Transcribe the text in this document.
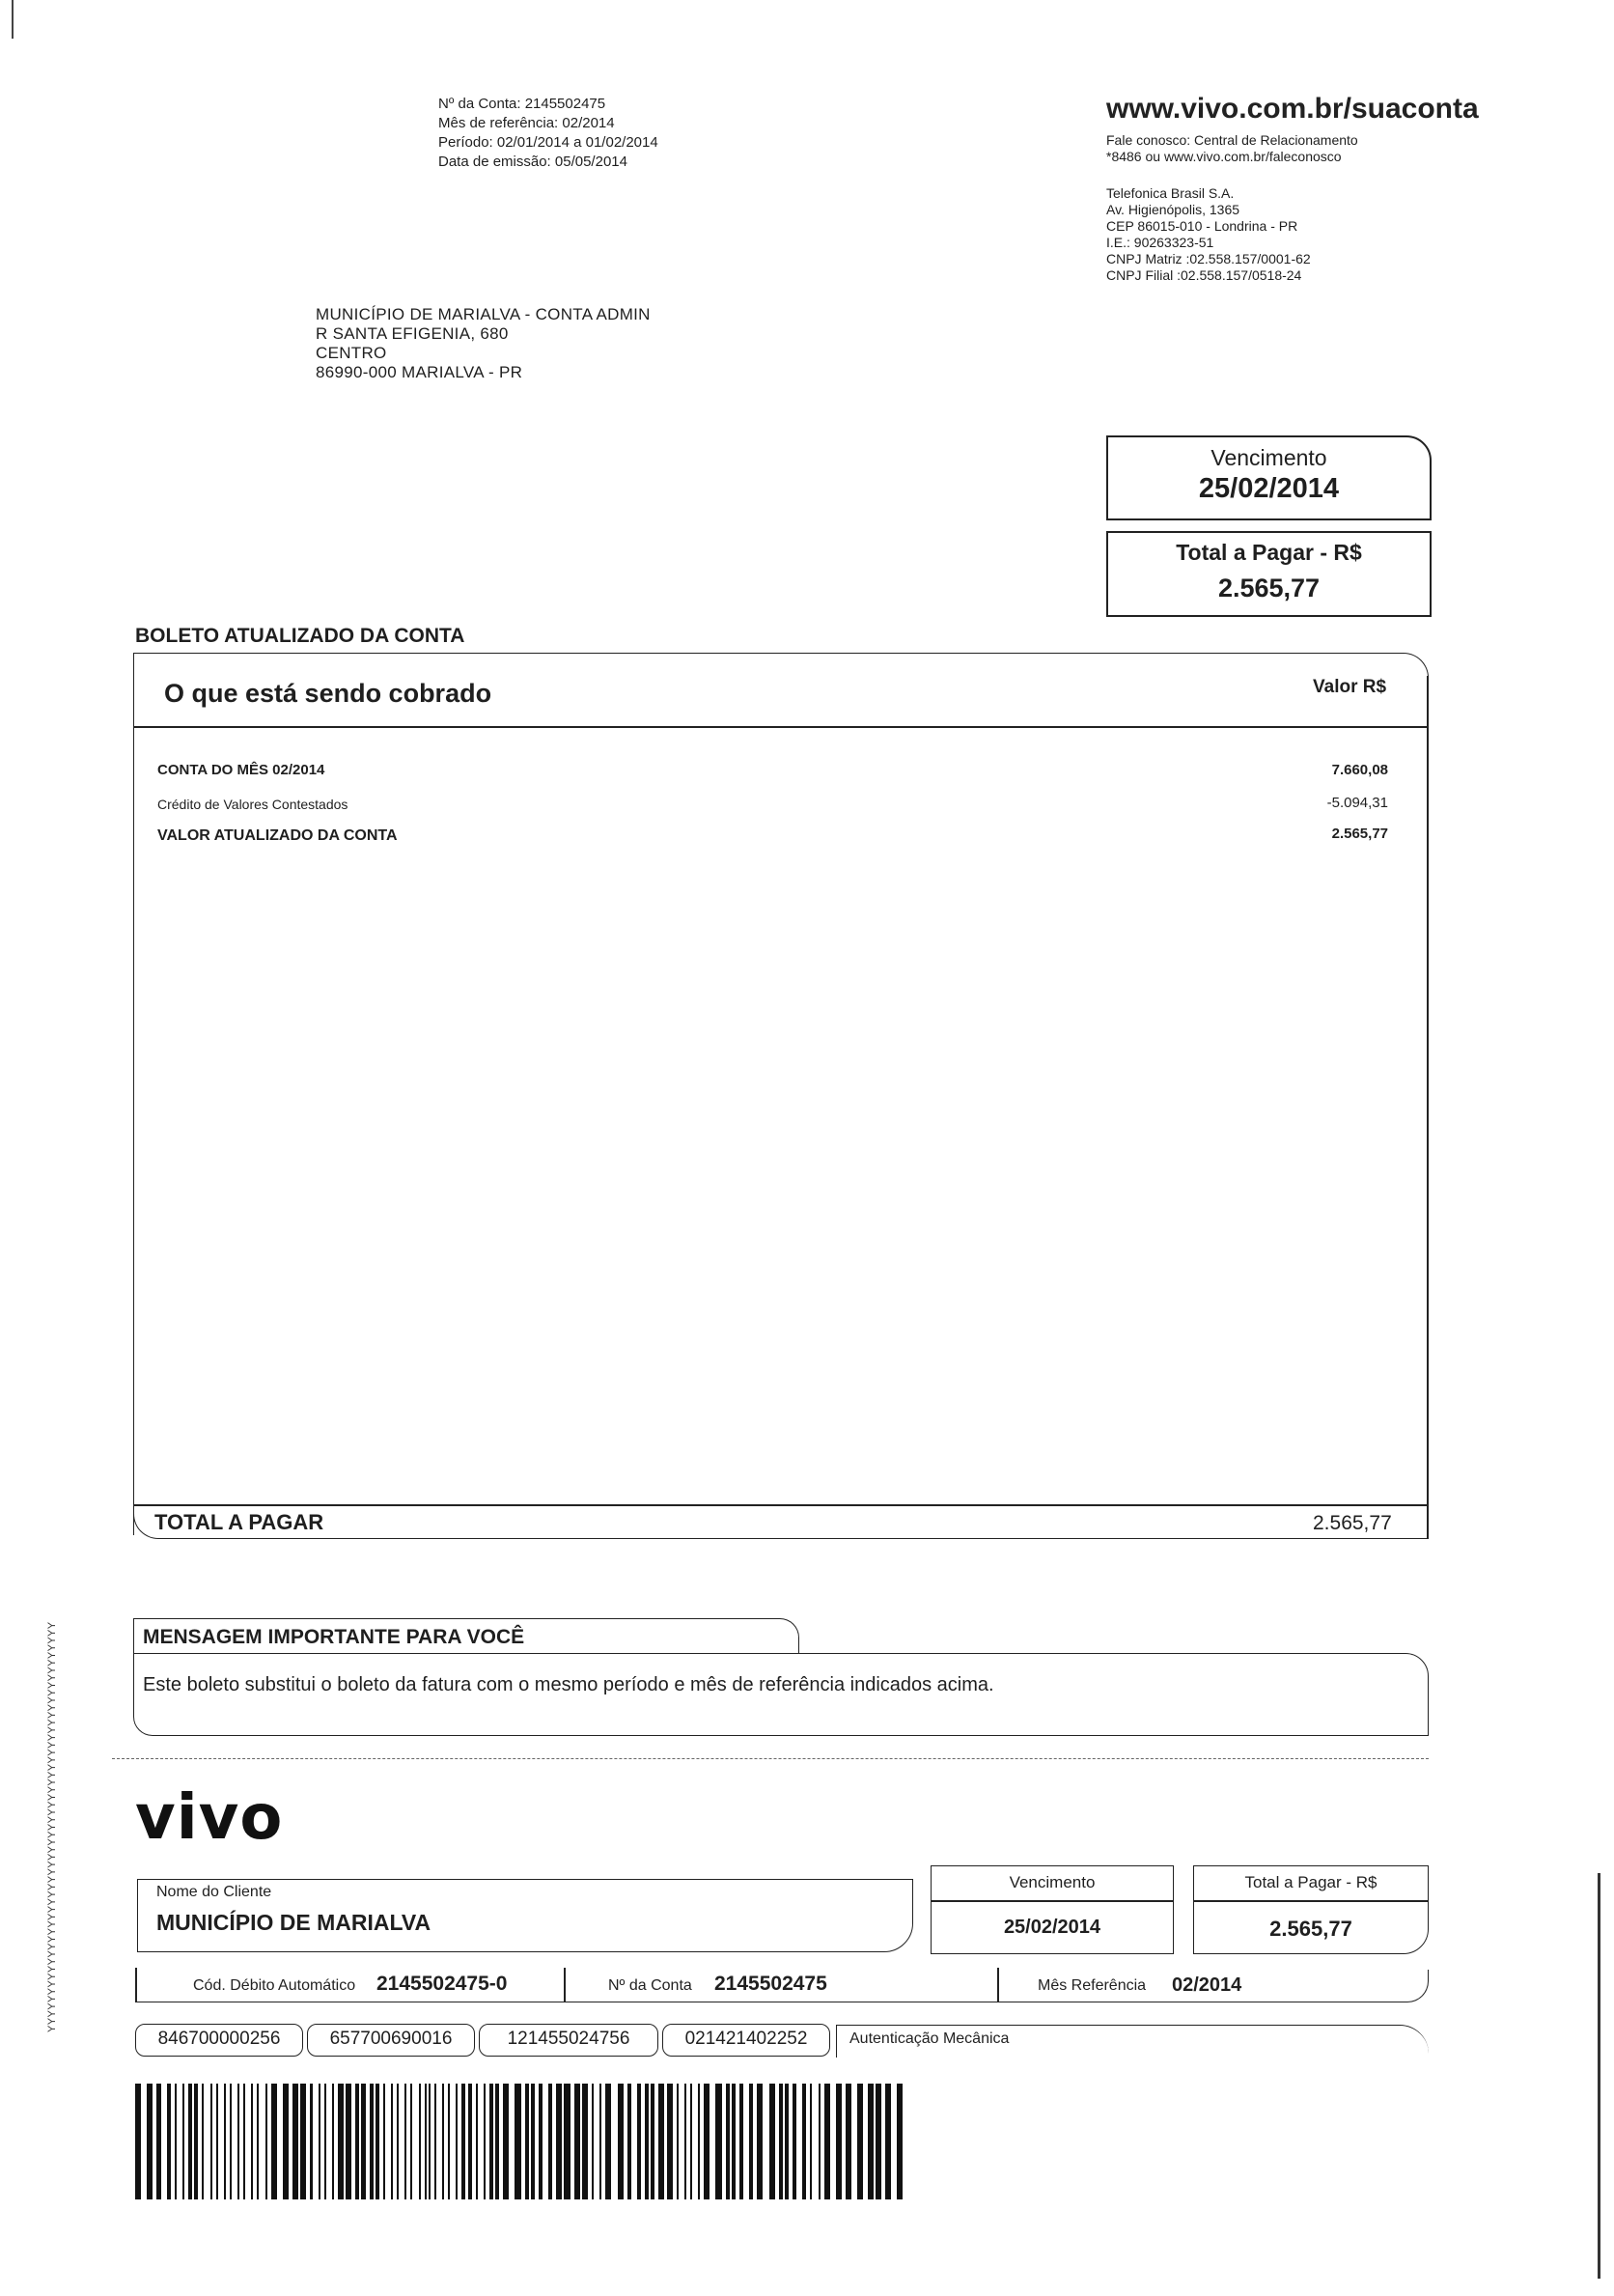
Nº da Conta: 2145502475
Mês de referência: 02/2014
Período: 02/01/2014 a 01/02/2014
Data de emissão: 05/05/2014
MUNICÍPIO DE MARIALVA - CONTA ADMIN
R SANTA EFIGENIA, 680
CENTRO
86990-000 MARIALVA - PR
www.vivo.com.br/suaconta
Fale conosco: Central de Relacionamento
*8486 ou www.vivo.com.br/faleconosco
Telefonica Brasil S.A.
Av. Higienópolis, 1365
CEP 86015-010 - Londrina - PR
I.E.: 90263323-51
CNPJ Matriz :02.558.157/0001-62
CNPJ Filial :02.558.157/0518-24
Vencimento
25/02/2014
Total a Pagar - R$
2.565,77
BOLETO ATUALIZADO DA CONTA
O que está sendo cobrado	Valor R$
CONTA DO MÊS 02/2014	7.660,08
Crédito de Valores Contestados	-5.094,31
VALOR ATUALIZADO DA CONTA	2.565,77
TOTAL A PAGAR	2.565,77
MENSAGEM IMPORTANTE PARA VOCÊ
Este boleto substitui o boleto da fatura com o mesmo período e mês de referência indicados acima.
YYYYYYYYYYYYYYYYYYYYYYYYYYYYYYYYYYYYYYYYYYYYYYYYYYYYYYY vivo
Nome do Cliente
MUNICÍPIO DE MARIALVA
Vencimento
25/02/2014
Total a Pagar - R$
2.565,77
Cód. Débito Automático 2145502475-0	Nº da Conta 2145502475	Mês Referência 02/2014
846700000256	657700690016	121455024756	021421402252	Autenticação Mecânica
